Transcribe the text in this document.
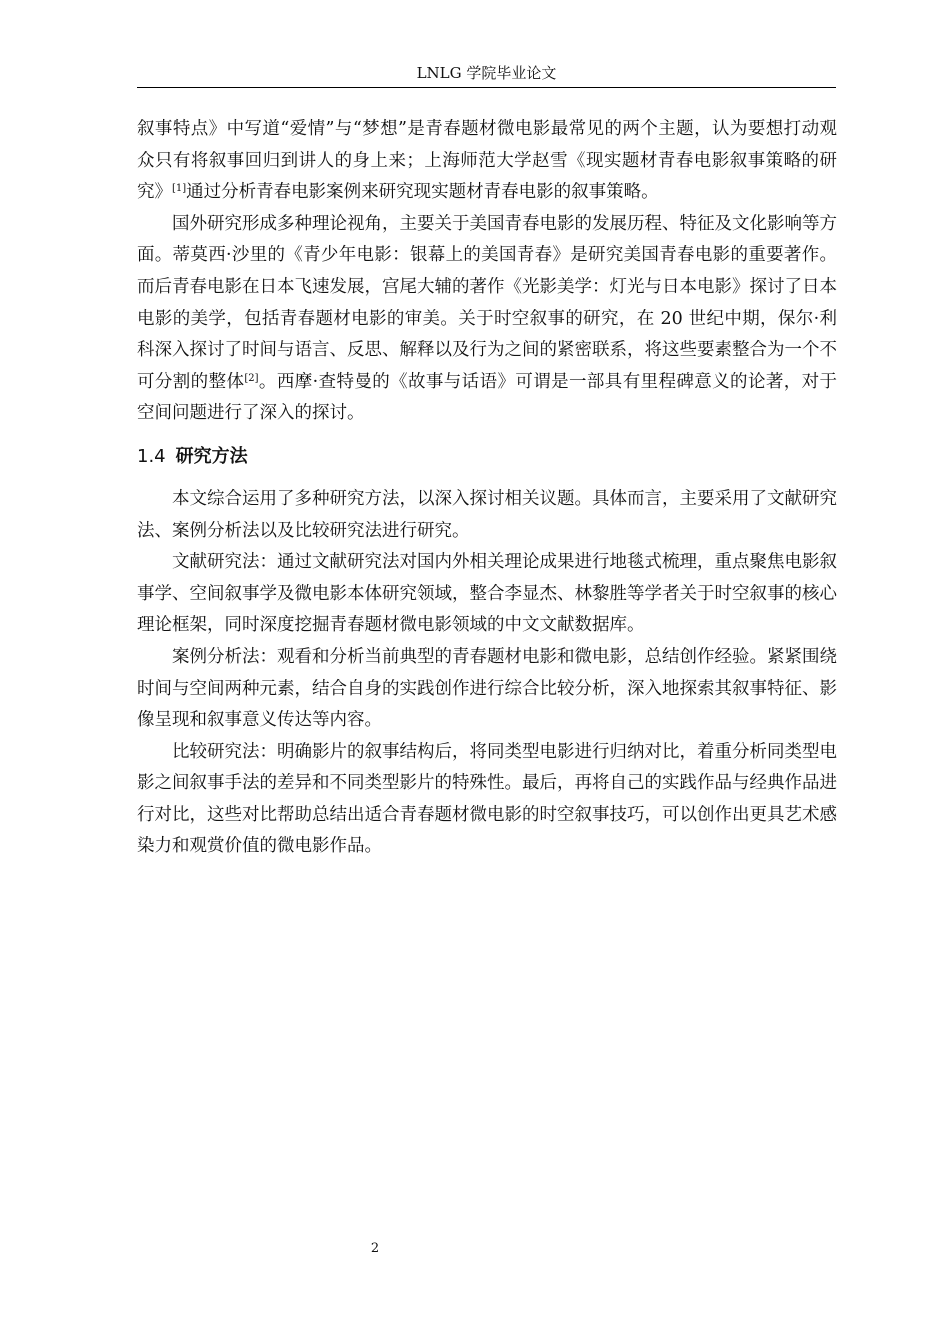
LNLG 学院毕业论文

叙事特点》中写道“爱情”与“梦想”是青春题材微电影最常见的两个主题，认为要想打动观众只有将叙事回归到讲人的身上来；上海师范大学赵雪《现实题材青春电影叙事策略的研究》[1]通过分析青春电影案例来研究现实题材青春电影的叙事策略。

国外研究形成多种理论视角，主要关于美国青春电影的发展历程、特征及文化影响等方面。蒂莫西·沙里的《青少年电影：银幕上的美国青春》是研究美国青春电影的重要著作。而后青春电影在日本飞速发展，宫尾大辅的著作《光影美学：灯光与日本电影》探讨了日本电影的美学，包括青春题材电影的审美。关于时空叙事的研究，在 20 世纪中期，保尔·利科深入探讨了时间与语言、反思、解释以及行为之间的紧密联系，将这些要素整合为一个不可分割的整体[2]。西摩·查特曼的《故事与话语》可谓是一部具有里程碑意义的论著，对于空间问题进行了深入的探讨。

1.4 研究方法

本文综合运用了多种研究方法，以深入探讨相关议题。具体而言，主要采用了文献研究法、案例分析法以及比较研究法进行研究。

文献研究法：通过文献研究法对国内外相关理论成果进行地毯式梳理，重点聚焦电影叙事学、空间叙事学及微电影本体研究领域，整合李显杰、林黎胜等学者关于时空叙事的核心理论框架，同时深度挖掘青春题材微电影领域的中文文献数据库。

案例分析法：观看和分析当前典型的青春题材电影和微电影，总结创作经验。紧紧围绕时间与空间两种元素，结合自身的实践创作进行综合比较分析，深入地探索其叙事特征、影像呈现和叙事意义传达等内容。

比较研究法：明确影片的叙事结构后，将同类型电影进行归纳对比，着重分析同类型电影之间叙事手法的差异和不同类型影片的特殊性。最后，再将自己的实践作品与经典作品进行对比，这些对比帮助总结出适合青春题材微电影的时空叙事技巧，可以创作出更具艺术感染力和观赏价值的微电影作品。

2
